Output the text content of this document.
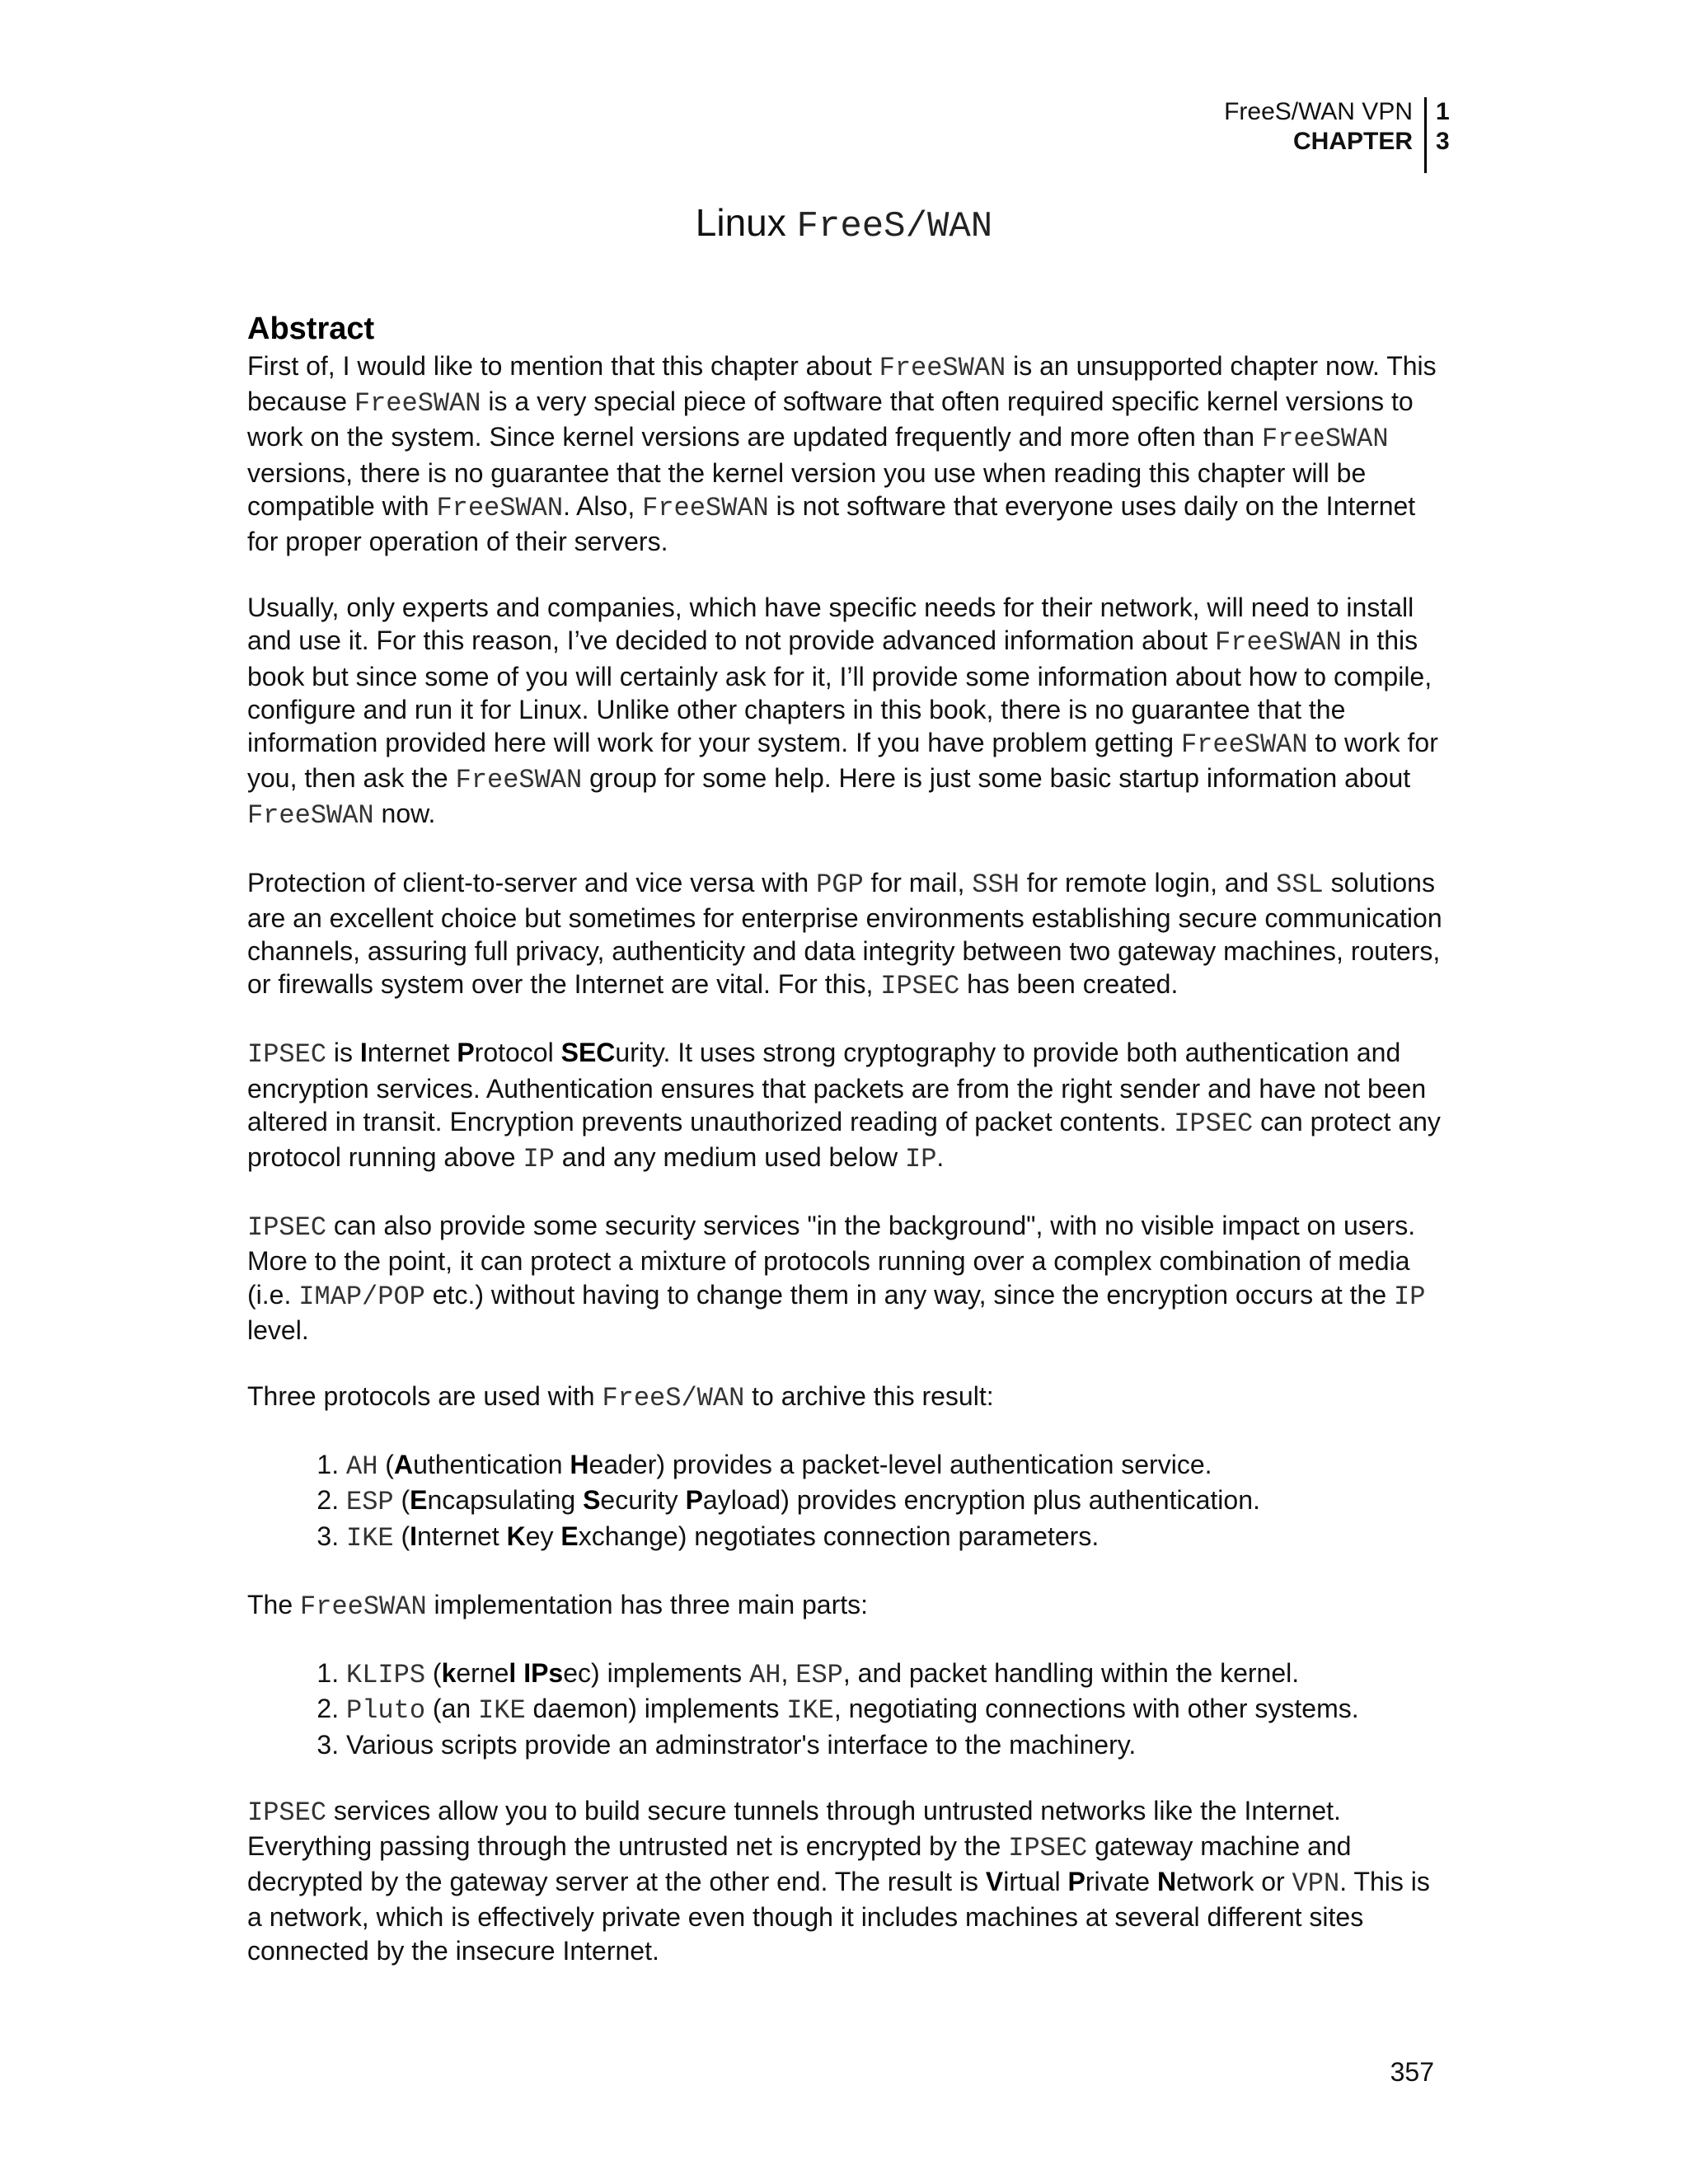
FreeS/WAN VPN
CHAPTER
1
3
Linux FreeS/WAN
Abstract

First of, I would like to mention that this chapter about FreeSWAN is an unsupported chapter now. This because FreeSWAN is a very special piece of software that often required specific kernel versions to work on the system. Since kernel versions are updated frequently and more often than FreeSWAN versions, there is no guarantee that the kernel version you use when reading this chapter will be compatible with FreeSWAN. Also, FreeSWAN is not software that everyone uses daily on the Internet for proper operation of their servers.

Usually, only experts and companies, which have specific needs for their network, will need to install and use it. For this reason, I’ve decided to not provide advanced information about FreeSWAN in this book but since some of you will certainly ask for it, I’ll provide some information about how to compile, configure and run it for Linux. Unlike other chapters in this book, there is no guarantee that the information provided here will work for your system. If you have problem getting FreeSWAN to work for you, then ask the FreeSWAN group for some help. Here is just some basic startup information about FreeSWAN now.

Protection of client-to-server and vice versa with PGP for mail, SSH for remote login, and SSL solutions are an excellent choice but sometimes for enterprise environments establishing secure communication channels, assuring full privacy, authenticity and data integrity between two gateway machines, routers, or firewalls system over the Internet are vital. For this, IPSEC has been created.

IPSEC is Internet Protocol SECurity. It uses strong cryptography to provide both authentication and encryption services. Authentication ensures that packets are from the right sender and have not been altered in transit. Encryption prevents unauthorized reading of packet contents. IPSEC can protect any protocol running above IP and any medium used below IP.

IPSEC can also provide some security services "in the background", with no visible impact on users. More to the point, it can protect a mixture of protocols running over a complex combination of media (i.e. IMAP/POP etc.) without having to change them in any way, since the encryption occurs at the IP level.

Three protocols are used with FreeS/WAN to archive this result:

1. AH (Authentication Header) provides a packet-level authentication service.
2. ESP (Encapsulating Security Payload) provides encryption plus authentication.
3. IKE (Internet Key Exchange) negotiates connection parameters.

The FreeSWAN implementation has three main parts:

1. KLIPS (kernel IPsec) implements AH, ESP, and packet handling within the kernel.
2. Pluto (an IKE daemon) implements IKE, negotiating connections with other systems.
3. Various scripts provide an adminstrator's interface to the machinery.

IPSEC services allow you to build secure tunnels through untrusted networks like the Internet. Everything passing through the untrusted net is encrypted by the IPSEC gateway machine and decrypted by the gateway server at the other end. The result is Virtual Private Network or VPN. This is a network, which is effectively private even though it includes machines at several different sites connected by the insecure Internet.

357
